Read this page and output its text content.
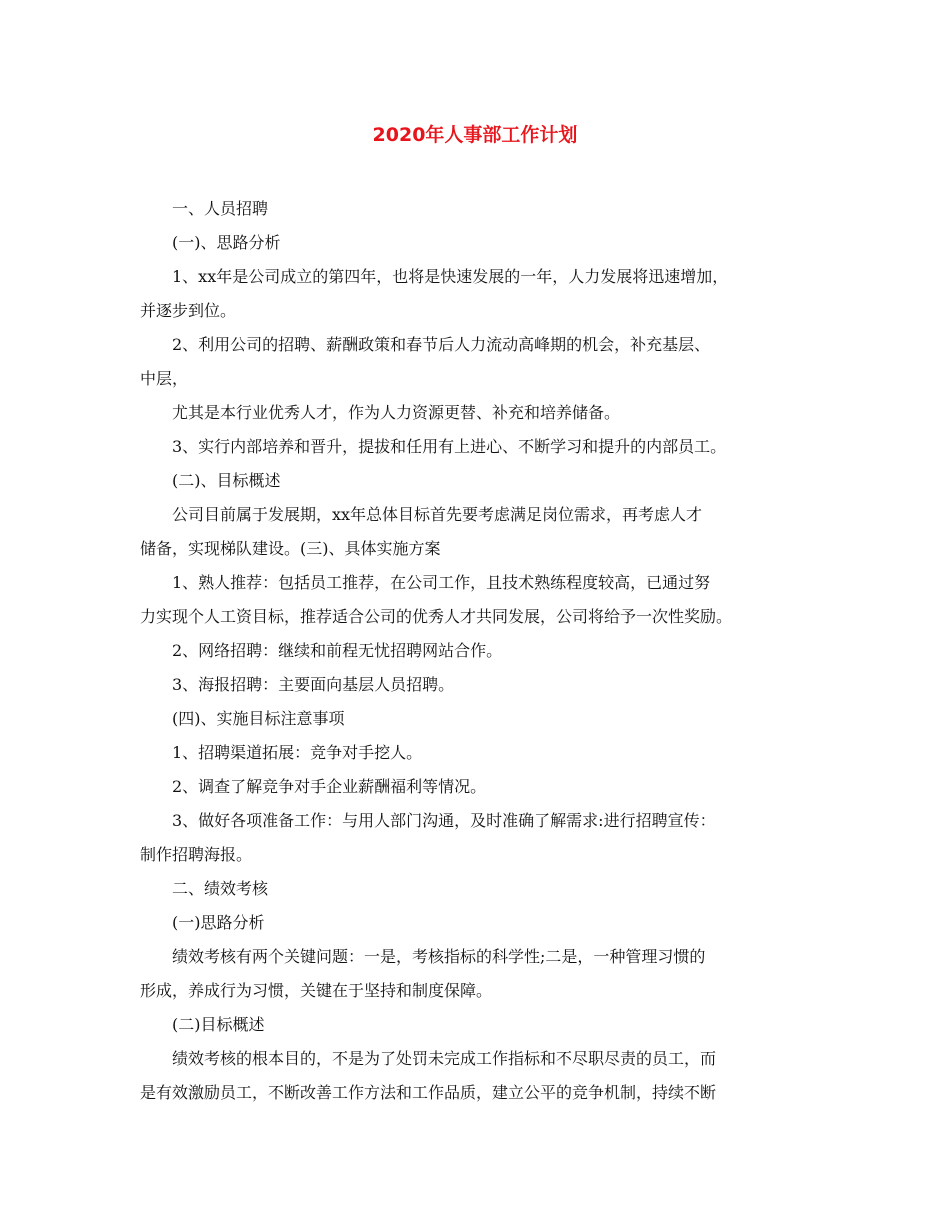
2020年人事部工作计划

一、人员招聘

(一)、思路分析

1、xx年是公司成立的第四年，也将是快速发展的一年，人力发展将迅速增加，

并逐步到位。

2、利用公司的招聘、薪酬政策和春节后人力流动高峰期的机会，补充基层、

中层，

尤其是本行业优秀人才，作为人力资源更替、补充和培养储备。

3、实行内部培养和晋升，提拔和任用有上进心、不断学习和提升的内部员工。

(二)、目标概述

公司目前属于发展期，xx年总体目标首先要考虑满足岗位需求，再考虑人才

储备，实现梯队建设。(三)、具体实施方案

1、熟人推荐：包括员工推荐，在公司工作，且技术熟练程度较高，已通过努

力实现个人工资目标，推荐适合公司的优秀人才共同发展，公司将给予一次性奖励。

2、网络招聘：继续和前程无忧招聘网站合作。

3、海报招聘：主要面向基层人员招聘。

(四)、实施目标注意事项

1、招聘渠道拓展：竞争对手挖人。

2、调查了解竞争对手企业薪酬福利等情况。

3、做好各项准备工作：与用人部门沟通，及时准确了解需求:进行招聘宣传：

制作招聘海报。

二、绩效考核

(一)思路分析

绩效考核有两个关键问题：一是，考核指标的科学性;二是，一种管理习惯的

形成，养成行为习惯，关键在于坚持和制度保障。

(二)目标概述

绩效考核的根本目的，不是为了处罚未完成工作指标和不尽职尽责的员工，而

是有效激励员工，不断改善工作方法和工作品质，建立公平的竞争机制，持续不断
